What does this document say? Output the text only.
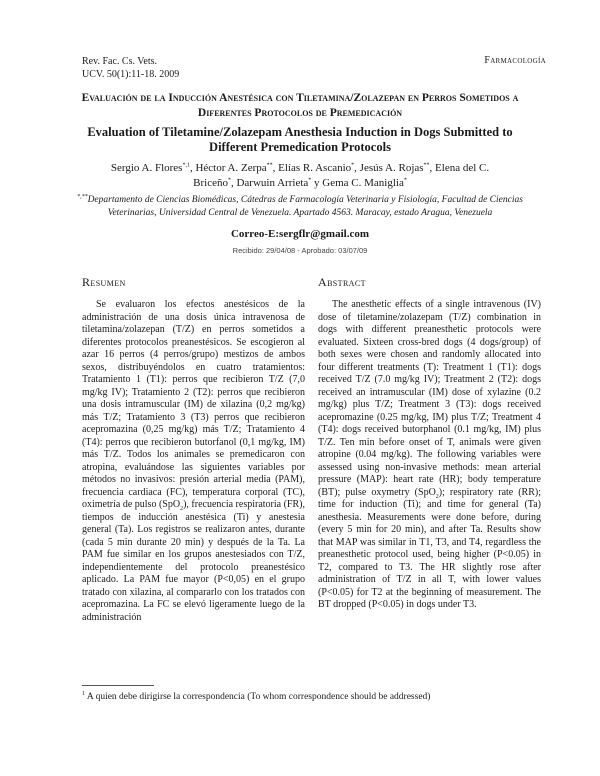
Rev. Fac. Cs. Vets.
UCV. 50(1):11-18. 2009
Farmacología
Evaluación de la Inducción Anestésica con Tiletamina/Zolazepan en Perros Sometidos a Diferentes Protocolos de Premedicación
Evaluation of Tiletamine/Zolazepam Anesthesia Induction in Dogs Submitted to Different Premedication Protocols
Sergio A. Flores$^{*,1}$, Héctor A. Zerpa**, Elías R. Ascanio*, Jesús A. Rojas**, Elena del C.
Briceño*, Darwuin Arrieta* y Gema C. Maniglia*
*,**Departamento de Ciencias Biomédicas, Cátedras de Farmacología Veterinaria y Fisiología, Facultad de Ciencias Veterinarias, Universidad Central de Venezuela. Apartado 4563. Maracay, estado Aragua, Venezuela
Correo-E:sergflr@gmail.com
Recibido: 29/04/08 - Aprobado: 03/07/09
Resumen	Abstract

Se evaluaron los efectos anestésicos de la administración de una dosis única intravenosa de tiletamina/zolazepan (T/Z) en perros sometidos a diferentes protocolos preanestésicos. Se escogieron al azar 16 perros (4 perros/grupo) mestizos de ambos sexos, distribuyéndolos en cuatro tratamientos: Tratamiento 1 (T1): perros que recibieron T/Z (7,0 mg/kg IV); Tratamiento 2 (T2): perros que recibieron una dosis intramuscular (IM) de xilazina (0,2 mg/kg) más T/Z; Tratamiento 3 (T3) perros que recibieron acepromazina (0,25 mg/kg) más T/Z; Tratamiento 4 (T4): perros que recibieron butorfanol (0,1 mg/kg, IM) más T/Z. Todos los animales se premedicaron con atropina, evaluándose las siguientes variables por métodos no invasivos: presión arterial media (PAM), frecuencia cardiaca (FC), temperatura corporal (TC), oximetría de pulso (SpO$_2$), frecuencia respiratoria (FR), tiempos de inducción anestésica (Ti) y anestesia general (Ta). Los registros se realizaron antes, durante (cada 5 min durante 20 min) y después de la Ta. La PAM fue similar en los grupos anestesiados con T/Z, independientemente del protocolo preanestésico aplicado. La PAM fue mayor (P<0,05) en el grupo tratado con xilazina, al compararlo con los tratados con acepromazina. La FC se elevó ligeramente luego de la administración

The anesthetic effects of a single intravenous (IV) dose of tiletamine/zolazepam (T/Z) combination in dogs with different preanesthetic protocols were evaluated. Sixteen cross-bred dogs (4 dogs/group) of both sexes were chosen and randomly allocated into four different treatments (T): Treatment 1 (T1): dogs received T/Z (7.0 mg/kg IV); Treatment 2 (T2): dogs received an intramuscular (IM) dose of xylazine (0.2 mg/kg) plus T/Z; Treatment 3 (T3): dogs received acepromazine (0.25 mg/kg, IM) plus T/Z; Treatment 4 (T4): dogs received butorphanol (0.1 mg/kg, IM) plus T/Z. Ten min before onset of T, animals were given atropine (0.04 mg/kg). The following variables were assessed using non-invasive methods: mean arterial pressure (MAP): heart rate (HR); body temperature (BT); pulse oxymetry (SpO$_2$); respiratory rate (RR); time for induction (Ti); and time for general (Ta) anesthesia. Measurements were done before, during (every 5 min for 20 min), and after Ta. Results show that MAP was similar in T1, T3, and T4, regardless the preanesthetic protocol used, being higher (P<0.05) in T2, compared to T3. The HR slightly rose after administration of T/Z in all T, with lower values (P<0.05) for T2 at the beginning of measurement. The BT dropped (P<0.05) in dogs under T3.

$^1$ A quien debe dirigirse la correspondencia (To whom correspondence should be addressed)
